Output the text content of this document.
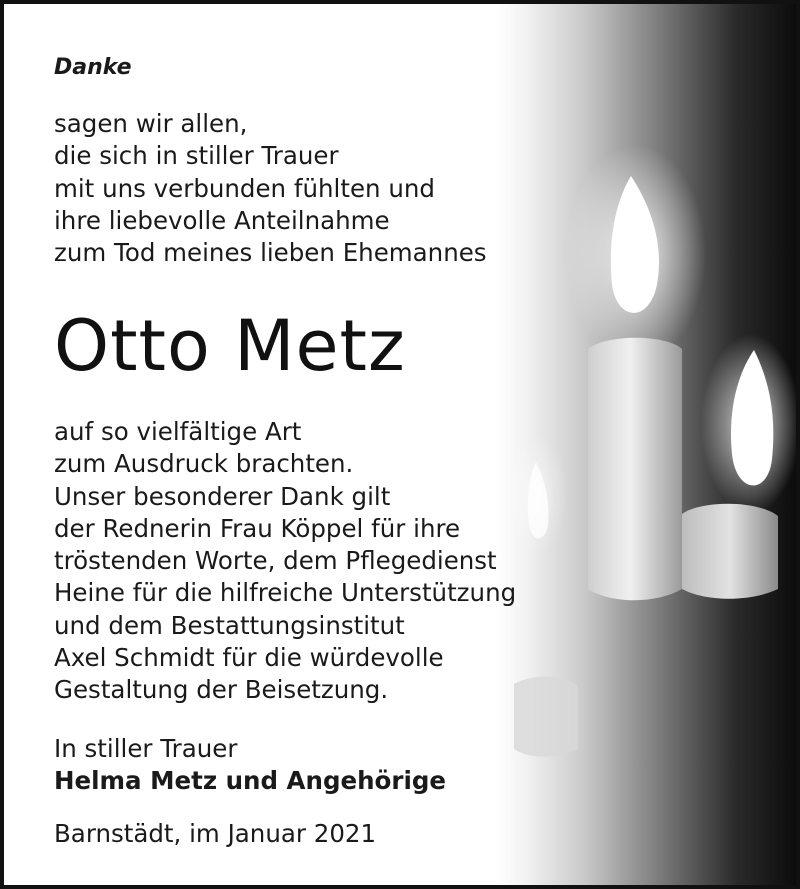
Danke
sagen wir allen,
die sich in stiller Trauer
mit uns verbunden fühlten und
ihre liebevolle Anteilnahme
zum Tod meines lieben Ehemannes
Otto Metz
auf so vielfältige Art
zum Ausdruck brachten.
Unser besonderer Dank gilt
der Rednerin Frau Köppel für ihre
tröstenden Worte, dem Pflegedienst
Heine für die hilfreiche Unterstützung
und dem Bestattungsinstitut
Axel Schmidt für die würdevolle
Gestaltung der Beisetzung.
In stiller Trauer
Helma Metz und Angehörige
Barnstädt, im Januar 2021
